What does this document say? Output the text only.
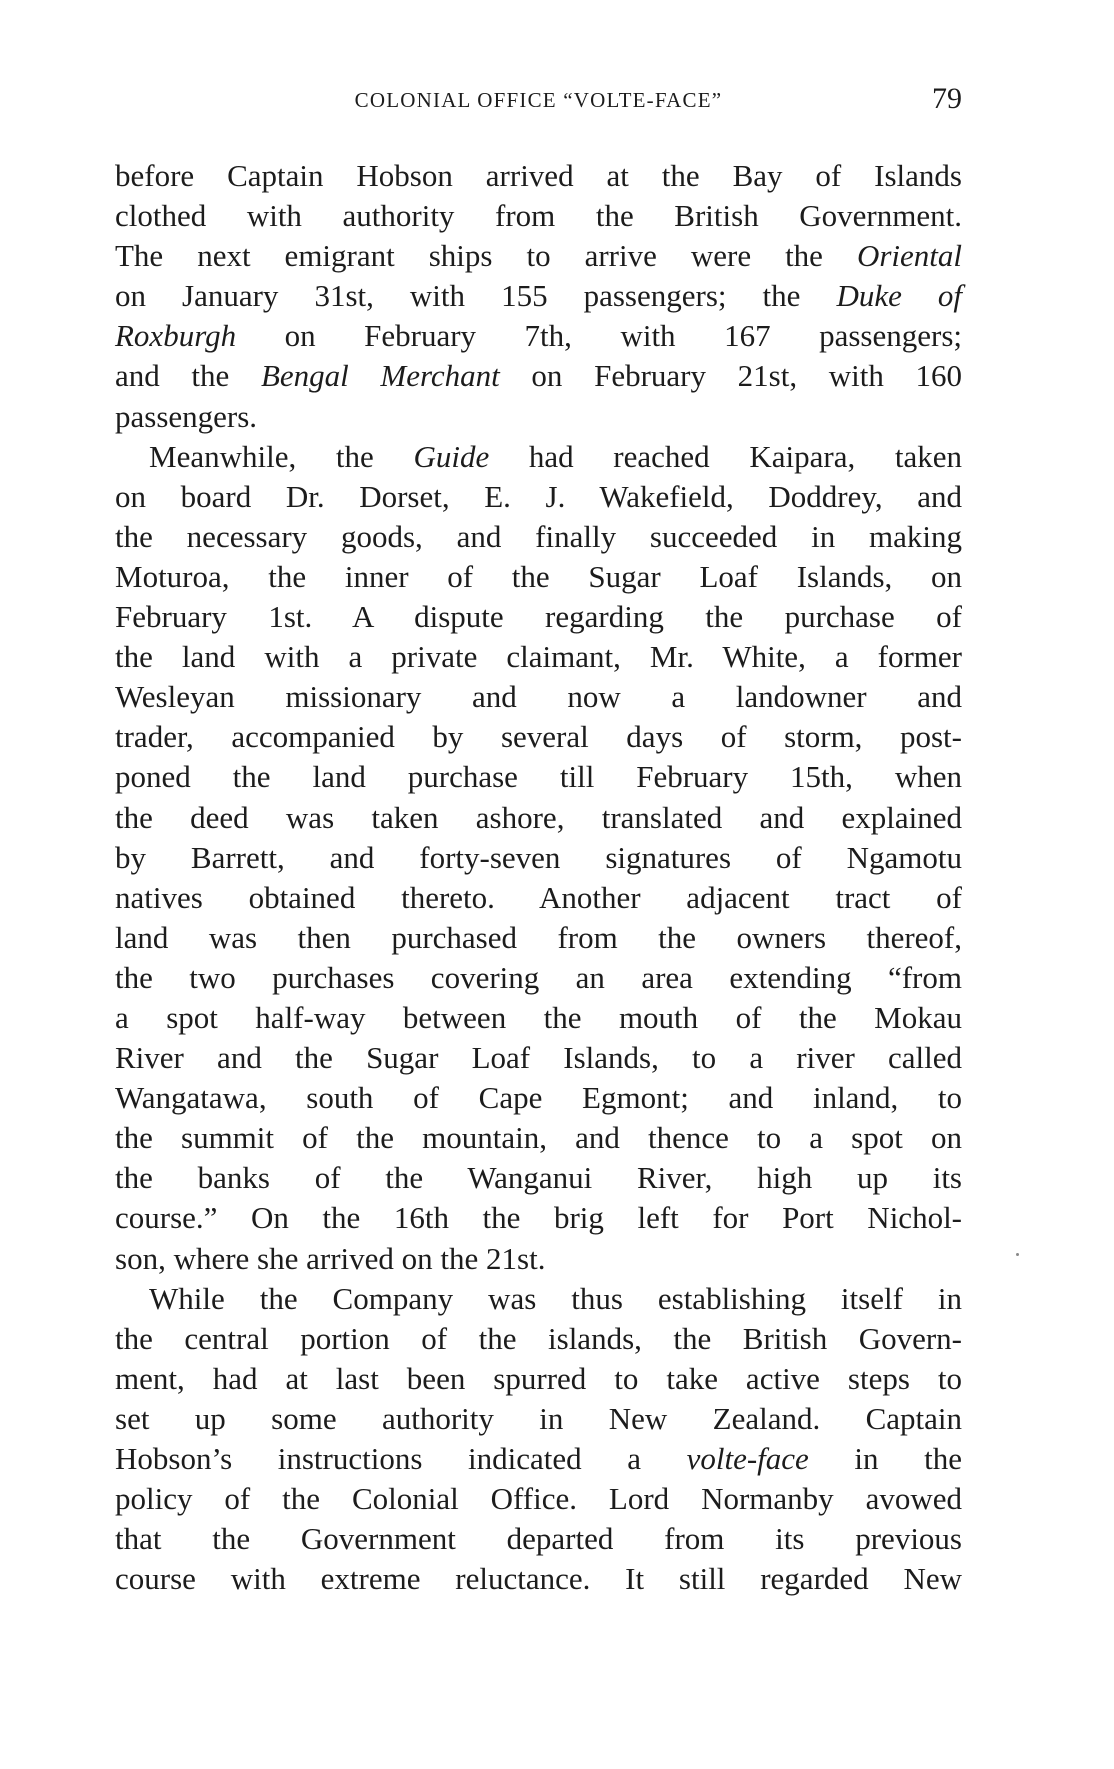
COLONIAL OFFICE “VOLTE-FACE”	79
before Captain Hobson arrived at the Bay of Islands
clothed with authority from the British Government.
The next emigrant ships to arrive were the Oriental
on January 31st, with 155 passengers; the Duke of
Roxburgh on February 7th, with 167 passengers;
and the Bengal Merchant on February 21st, with 160
passengers.
Meanwhile, the Guide had reached Kaipara, taken
on board Dr. Dorset, E. J. Wakefield, Doddrey, and
the necessary goods, and finally succeeded in making
Moturoa, the inner of the Sugar Loaf Islands, on
February 1st. A dispute regarding the purchase of
the land with a private claimant, Mr. White, a former
Wesleyan missionary and now a landowner and
trader, accompanied by several days of storm, post-
poned the land purchase till February 15th, when
the deed was taken ashore, translated and explained
by Barrett, and forty-seven signatures of Ngamotu
natives obtained thereto. Another adjacent tract of
land was then purchased from the owners thereof,
the two purchases covering an area extending “from
a spot half-way between the mouth of the Mokau
River and the Sugar Loaf Islands, to a river called
Wangatawa, south of Cape Egmont; and inland, to
the summit of the mountain, and thence to a spot on
the banks of the Wanganui River, high up its
course.” On the 16th the brig left for Port Nichol-
son, where she arrived on the 21st.
While the Company was thus establishing itself in
the central portion of the islands, the British Govern-
ment, had at last been spurred to take active steps to
set up some authority in New Zealand. Captain
Hobson’s instructions indicated a volte-face in the
policy of the Colonial Office. Lord Normanby avowed
that the Government departed from its previous
course with extreme reluctance. It still regarded New
